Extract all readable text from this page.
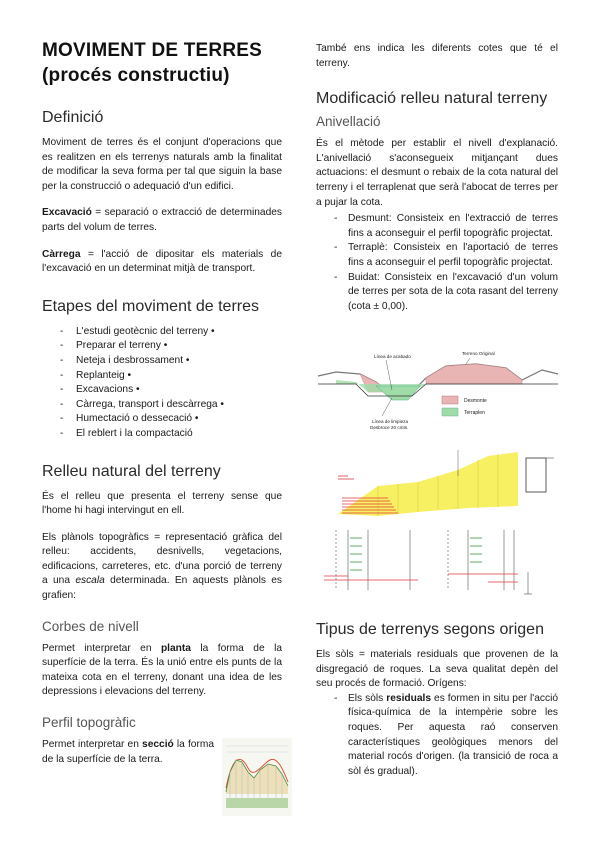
MOVIMENT DE TERRES
(procés constructiu)
Definició

Moviment de terres és el conjunt d'operacions que es realitzen en els terrenys naturals amb la finalitat de modificar la seva forma per tal que siguin la base per la construcció o adequació d'un edifici.

Excavació = separació o extracció de determinades parts del volum de terres.

Càrrega = l'acció de dipositar els materials de l'excavació en un determinat mitjà de transport.

Etapes del moviment de terres
- L'estudi geotècnic del terreny •
- Preparar el terreny •
- Neteja i desbrossament •
- Replanteig •
- Excavacions •
- Càrrega, transport i descàrrega •
- Humectació o dessecació •
- El reblert i la compactació
Relleu natural del terreny

És el relleu que presenta el terreny sense que l'home hi hagi intervingut en ell.

Els plànols topogràfics = representació gràfica del relleu: accidents, desnivells, vegetacions, edificacions, carreteres, etc. d'una porció de terreny a una escala determinada. En aquests plànols es grafien:

Corbes de nivell

Permet interpretar en planta la forma de la superfície de la terra. És la unió entre els punts de la mateixa cota en el terreny, donant una idea de les depressions i elevacions del terreny.

Perfil topogràfic

Permet interpretar en secció la forma de la superfície de la terra.

També ens indica les diferents cotes que té el terreny.

Modificació relleu natural terreny
Anivellació

És el mètode per establir el nivell d'explanació. L'anivellació s'aconsegueix mitjançant dues actuacions: el desmunt o rebaix de la cota natural del terreny i el terraplenat que serà l'abocat de terres per a pujar la cota.

- Desmunt: Consisteix en l'extracció de terres fins a aconseguir el perfil topogràfic projectat.
- Terraplè: Consisteix en l'aportació de terres fins a aconseguir el perfil topogràfic projectat.
- Buidat: Consisteix en l'excavació d'un volum de terres per sota de la cota rasant del terreny (cota ± 0,00).
Línea de acabado
Terreno Original
Línea de limpieza
Desbroce 20 cmts.
Desmonte
Terraplen
Tipus de terrenys segons origen

Els sòls = materials residuals que provenen de la disgregació de roques. La seva qualitat depèn del seu procés de formació. Orígens:

- Els sòls residuals es formen in situ per l'acció física-química de la intempèrie sobre les roques. Per aquesta raó conserven característiques geològiques menors del material rocós d'origen. (la transició de roca a sòl és gradual).
